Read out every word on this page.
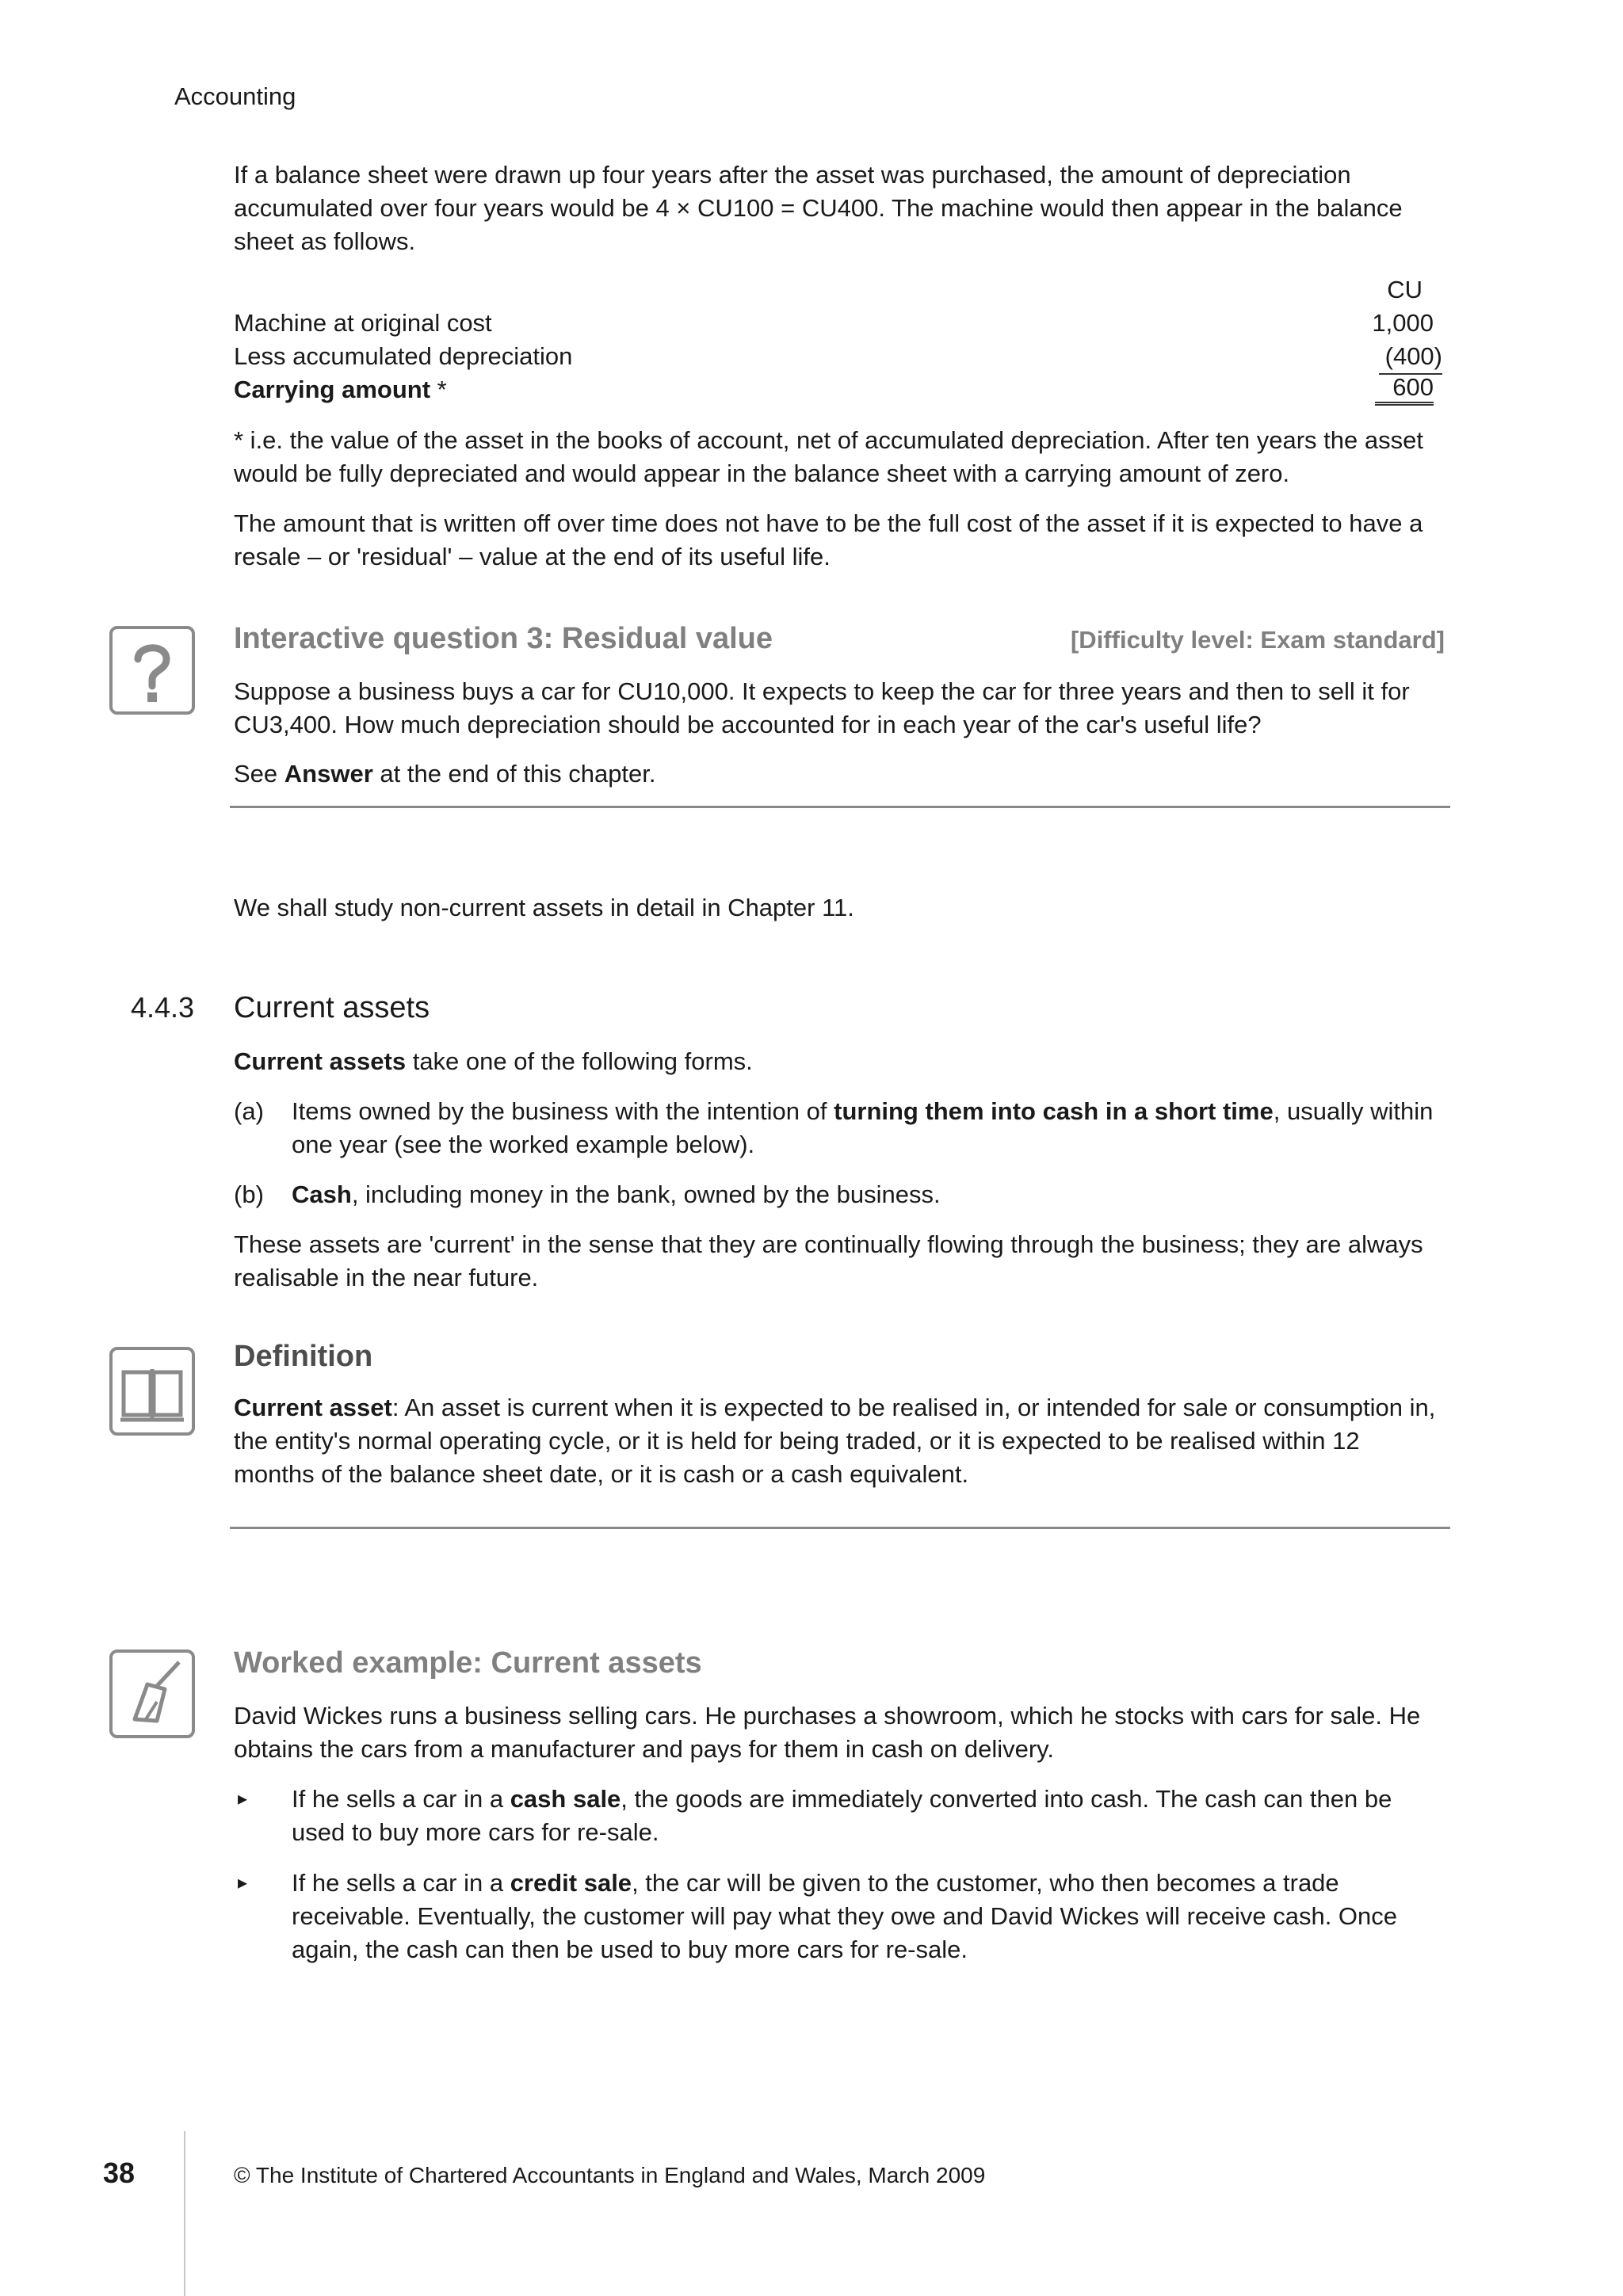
Accounting

If a balance sheet were drawn up four years after the asset was purchased, the amount of depreciation accumulated over four years would be 4 × CU100 = CU400. The machine would then appear in the balance sheet as follows.

CU
Machine at original cost	1,000
Less accumulated depreciation	(400)
Carrying amount *	600

* i.e. the value of the asset in the books of account, net of accumulated depreciation. After ten years the asset would be fully depreciated and would appear in the balance sheet with a carrying amount of zero.

The amount that is written off over time does not have to be the full cost of the asset if it is expected to have a resale – or 'residual' – value at the end of its useful life.

Interactive question 3: Residual value	[Difficulty level: Exam standard]

Suppose a business buys a car for CU10,000. It expects to keep the car for three years and then to sell it for CU3,400. How much depreciation should be accounted for in each year of the car's useful life?

See Answer at the end of this chapter.

We shall study non-current assets in detail in Chapter 11.

4.4.3 Current assets

Current assets take one of the following forms.

(a) Items owned by the business with the intention of turning them into cash in a short time, usually within one year (see the worked example below).

(b) Cash, including money in the bank, owned by the business.

These assets are 'current' in the sense that they are continually flowing through the business; they are always realisable in the near future.

Definition

Current asset: An asset is current when it is expected to be realised in, or intended for sale or consumption in, the entity's normal operating cycle, or it is held for being traded, or it is expected to be realised within 12 months of the balance sheet date, or it is cash or a cash equivalent.

Worked example: Current assets

David Wickes runs a business selling cars. He purchases a showroom, which he stocks with cars for sale. He obtains the cars from a manufacturer and pays for them in cash on delivery.

▸ If he sells a car in a cash sale, the goods are immediately converted into cash. The cash can then be used to buy more cars for re-sale.

▸ If he sells a car in a credit sale, the car will be given to the customer, who then becomes a trade receivable. Eventually, the customer will pay what they owe and David Wickes will receive cash. Once again, the cash can then be used to buy more cars for re-sale.

38	© The Institute of Chartered Accountants in England and Wales, March 2009
